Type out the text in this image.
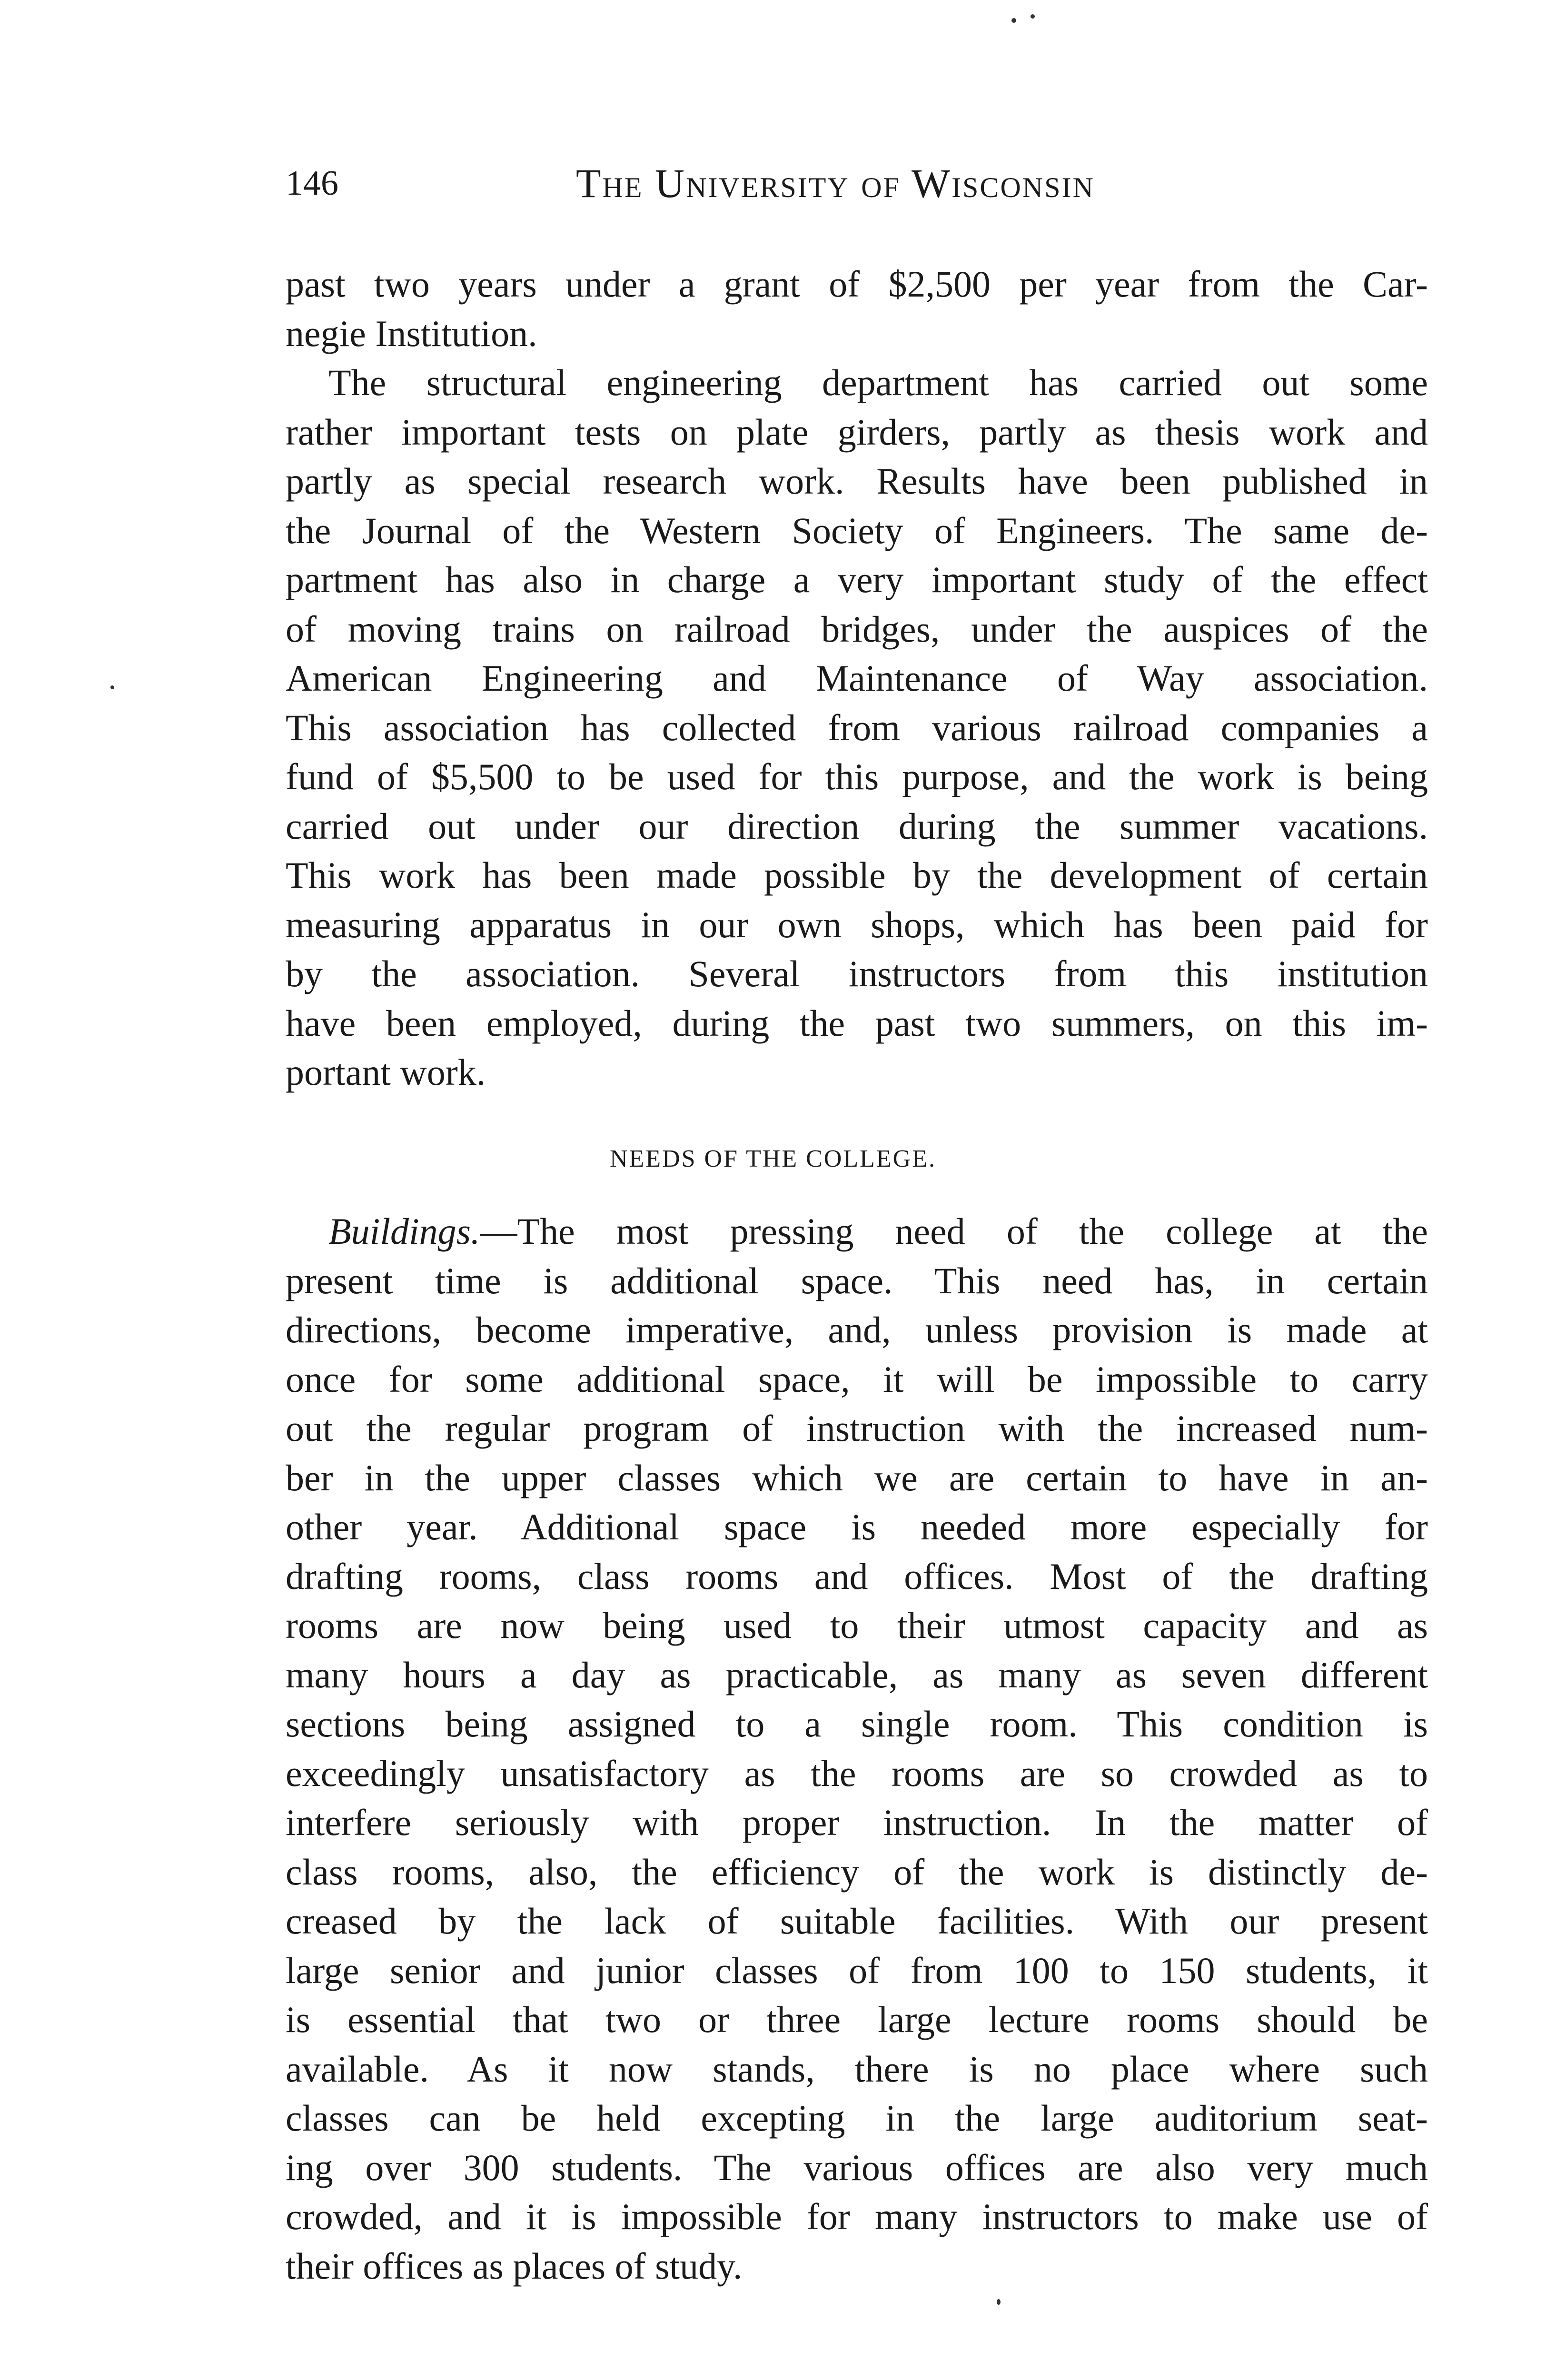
146	The University of Wisconsin
past two years under a grant of $2,500 per year from the Car-
negie Institution.
The structural engineering department has carried out some
rather important tests on plate girders, partly as thesis work and
partly as special research work. Results have been published in
the Journal of the Western Society of Engineers. The same de-
partment has also in charge a very important study of the effect
of moving trains on railroad bridges, under the auspices of the
American Engineering and Maintenance of Way association.
This association has collected from various railroad companies a
fund of $5,500 to be used for this purpose, and the work is being
carried out under our direction during the summer vacations.
This work has been made possible by the development of certain
measuring apparatus in our own shops, which has been paid for
by the association. Several instructors from this institution
have been employed, during the past two summers, on this im-
portant work.
NEEDS OF THE COLLEGE.
Buildings.—The most pressing need of the college at the
present time is additional space. This need has, in certain
directions, become imperative, and, unless provision is made at
once for some additional space, it will be impossible to carry
out the regular program of instruction with the increased num-
ber in the upper classes which we are certain to have in an-
other year. Additional space is needed more especially for
drafting rooms, class rooms and offices. Most of the drafting
rooms are now being used to their utmost capacity and as
many hours a day as practicable, as many as seven different
sections being assigned to a single room. This condition is
exceedingly unsatisfactory as the rooms are so crowded as to
interfere seriously with proper instruction. In the matter of
class rooms, also, the efficiency of the work is distinctly de-
creased by the lack of suitable facilities. With our present
large senior and junior classes of from 100 to 150 students, it
is essential that two or three large lecture rooms should be
available. As it now stands, there is no place where such
classes can be held excepting in the large auditorium seat-
ing over 300 students. The various offices are also very much
crowded, and it is impossible for many instructors to make use of
their offices as places of study.
